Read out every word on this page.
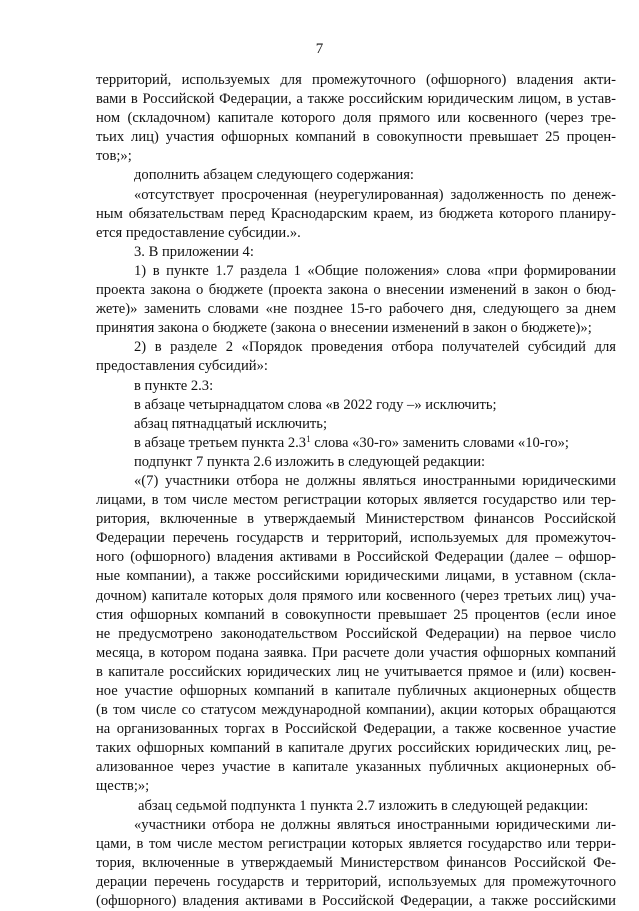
7
территорий, используемых для промежуточного (офшорного) владения акти-
вами в Российской Федерации, а также российским юридическим лицом, в устав-
ном (складочном) капитале которого доля прямого или косвенного (через тре-
тьих лиц) участия офшорных компаний в совокупности превышает 25 процен-
тов;»;
дополнить абзацем следующего содержания:
«отсутствует просроченная (неурегулированная) задолженность по денеж-
ным обязательствам перед Краснодарским краем, из бюджета которого планиру-
ется предоставление субсидии.».
3. В приложении 4:
1) в пункте 1.7 раздела 1 «Общие положения» слова «при формировании
проекта закона о бюджете (проекта закона о внесении изменений в закон о бюд-
жете)» заменить словами «не позднее 15-го рабочего дня, следующего за днем
принятия закона о бюджете (закона о внесении изменений в закон о бюджете)»;
2) в разделе 2 «Порядок проведения отбора получателей субсидий для
предоставления субсидий»:
в пункте 2.3:
в абзаце четырнадцатом слова «в 2022 году –» исключить;
абзац пятнадцатый исключить;
в абзаце третьем пункта $2.3^1$ слова «30-го» заменить словами «10-го»;
подпункт 7 пункта 2.6 изложить в следующей редакции:
«(7) участники отбора не должны являться иностранными юридическими
лицами, в том числе местом регистрации которых является государство или тер-
ритория, включенные в утверждаемый Министерством финансов Российской
Федерации перечень государств и территорий, используемых для промежуточ-
ного (офшорного) владения активами в Российской Федерации (далее – офшор-
ные компании), а также российскими юридическими лицами, в уставном (скла-
дочном) капитале которых доля прямого или косвенного (через третьих лиц) уча-
стия офшорных компаний в совокупности превышает 25 процентов (если иное
не предусмотрено законодательством Российской Федерации) на первое число
месяца, в котором подана заявка. При расчете доли участия офшорных компаний
в капитале российских юридических лиц не учитывается прямое и (или) косвен-
ное участие офшорных компаний в капитале публичных акционерных обществ
(в том числе со статусом международной компании), акции которых обращаются
на организованных торгах в Российской Федерации, а также косвенное участие
таких офшорных компаний в капитале других российских юридических лиц, ре-
ализованное через участие в капитале указанных публичных акционерных об-
ществ;»;
абзац седьмой подпункта 1 пункта 2.7 изложить в следующей редакции:
«участники отбора не должны являться иностранными юридическими ли-
цами, в том числе местом регистрации которых является государство или терри-
тория, включенные в утверждаемый Министерством финансов Российской Фе-
дерации перечень государств и территорий, используемых для промежуточного
(офшорного) владения активами в Российской Федерации, а также российскими
